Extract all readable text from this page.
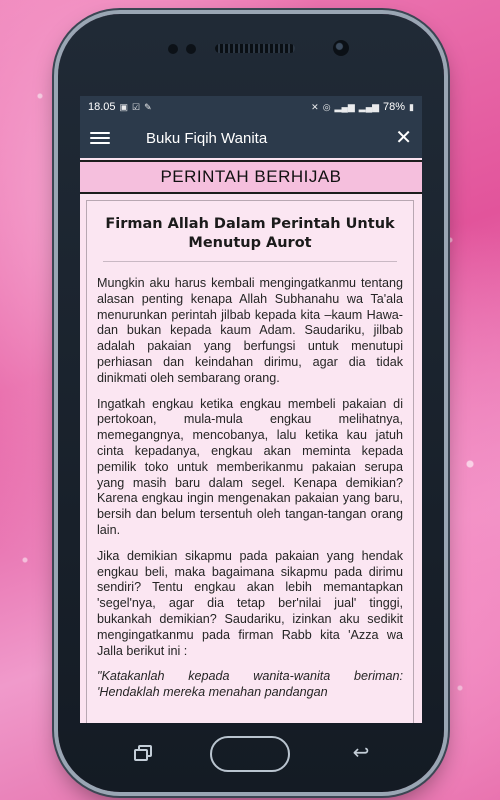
18.05 ▣ ☑ ✎	✕ ◎ ▂▄▆ ▂▄▆ 78% ▮
Buku Fiqih Wanita	✕
PERINTAH BERHIJAB
Firman Allah Dalam Perintah Untuk Menutup Aurot

Mungkin aku harus kembali mengingatkanmu tentang alasan penting kenapa Allah Subhanahu wa Ta'ala menurunkan perintah jilbab kepada kita –kaum Hawa- dan bukan kepada kaum Adam. Saudariku, jilbab adalah pakaian yang berfungsi untuk menutupi perhiasan dan keindahan dirimu, agar dia tidak dinikmati oleh sembarang orang.

Ingatkah engkau ketika engkau membeli pakaian di pertokoan, mula-mula engkau melihatnya, memegangnya, mencobanya, lalu ketika kau jatuh cinta kepadanya, engkau akan meminta kepada pemilik toko untuk memberikanmu pakaian serupa yang masih baru dalam segel. Kenapa demikian? Karena engkau ingin mengenakan pakaian yang baru, bersih dan belum tersentuh oleh tangan-tangan orang lain.

Jika demikian sikapmu pada pakaian yang hendak engkau beli, maka bagaimana sikapmu pada dirimu sendiri? Tentu engkau akan lebih memantapkan 'segel'nya, agar dia tetap ber'nilai jual' tinggi, bukankah demikian? Saudariku, izinkan aku sedikit mengingatkanmu pada firman Rabb kita 'Azza wa Jalla berikut ini :

"Katakanlah kepada wanita-wanita beriman: 'Hendaklah mereka menahan pandangan

↩
